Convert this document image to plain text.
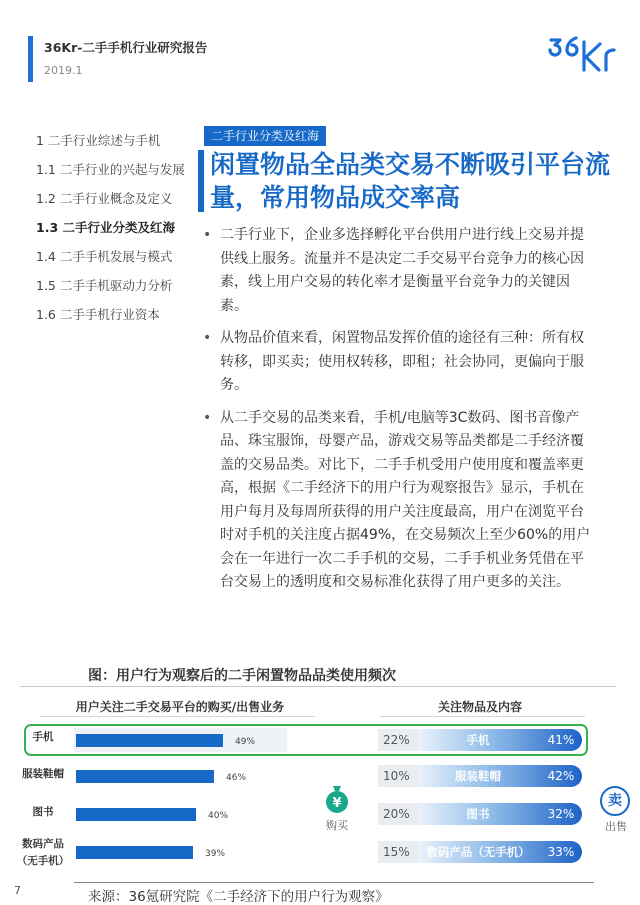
36Kr-二手手机行业研究报告
2019.1
1 二手行业综述与手机
1.1 二手行业的兴起与发展
1.2 二手行业概念及定义
1.3 二手行业分类及红海
1.4 二手手机发展与模式
1.5 二手手机驱动力分析
1.6 二手手机行业资本
二手行业分类及红海
闲置物品全品类交易不断吸引平台流量，常用物品成交率高
• 二手行业下，企业多选择孵化平台供用户进行线上交易并提供线上服务。流量并不是决定二手交易平台竞争力的核心因素，线上用户交易的转化率才是衡量平台竞争力的关键因素。
• 从物品价值来看，闲置物品发挥价值的途径有三种：所有权转移，即买卖；使用权转移，即租；社会协同，更偏向于服务。
• 从二手交易的品类来看，手机/电脑等3C数码、图书音像产品、珠宝服饰，母婴产品，游戏交易等品类都是二手经济覆盖的交易品类。对比下，二手手机受用户使用度和覆盖率更高，根据《二手经济下的用户行为观察报告》显示，手机在用户每月及每周所获得的用户关注度最高，用户在浏览平台时对手机的关注度占据49%，在交易频次上至少60%的用户会在一年进行一次二手手机的交易，二手手机业务凭借在平台交易上的透明度和交易标准化获得了用户更多的关注。
图：用户行为观察后的二手闲置物品品类使用频次
用户关注二手交易平台的购买/出售业务	关注物品及内容
49%
46%
40%
39%
手机
服装鞋帽
图书
数码产品
（无手机）
22%	手机	41%
10%	服装鞋帽	42%
20%	图书	32%
15%	数码产品（无手机）	33%
¥
购买
卖
出售
7	来源：36氪研究院《二手经济下的用户行为观察》
